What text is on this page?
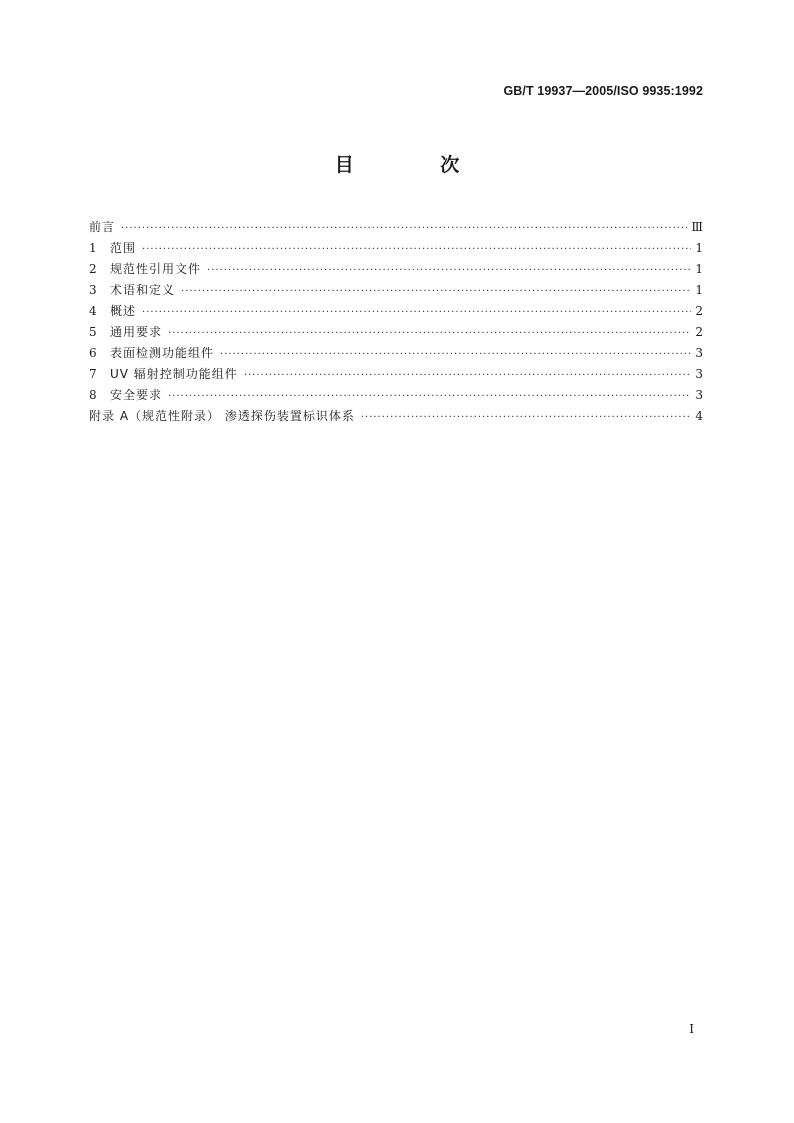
GB/T 19937—2005/ISO 9935:1992
目 次
前言 ·····	Ⅲ
1	范围 ·····	1
2	规范性引用文件 ·····	1
3	术语和定义 ·····	1
4	概述 ·····	2
5	通用要求 ·····	2
6	表面检测功能组件 ·····	3
7	UV 辐射控制功能组件 ·····	3
8	安全要求 ·····	3
附录 A（规范性附录） 渗透探伤装置标识体系 ·····	4
I
